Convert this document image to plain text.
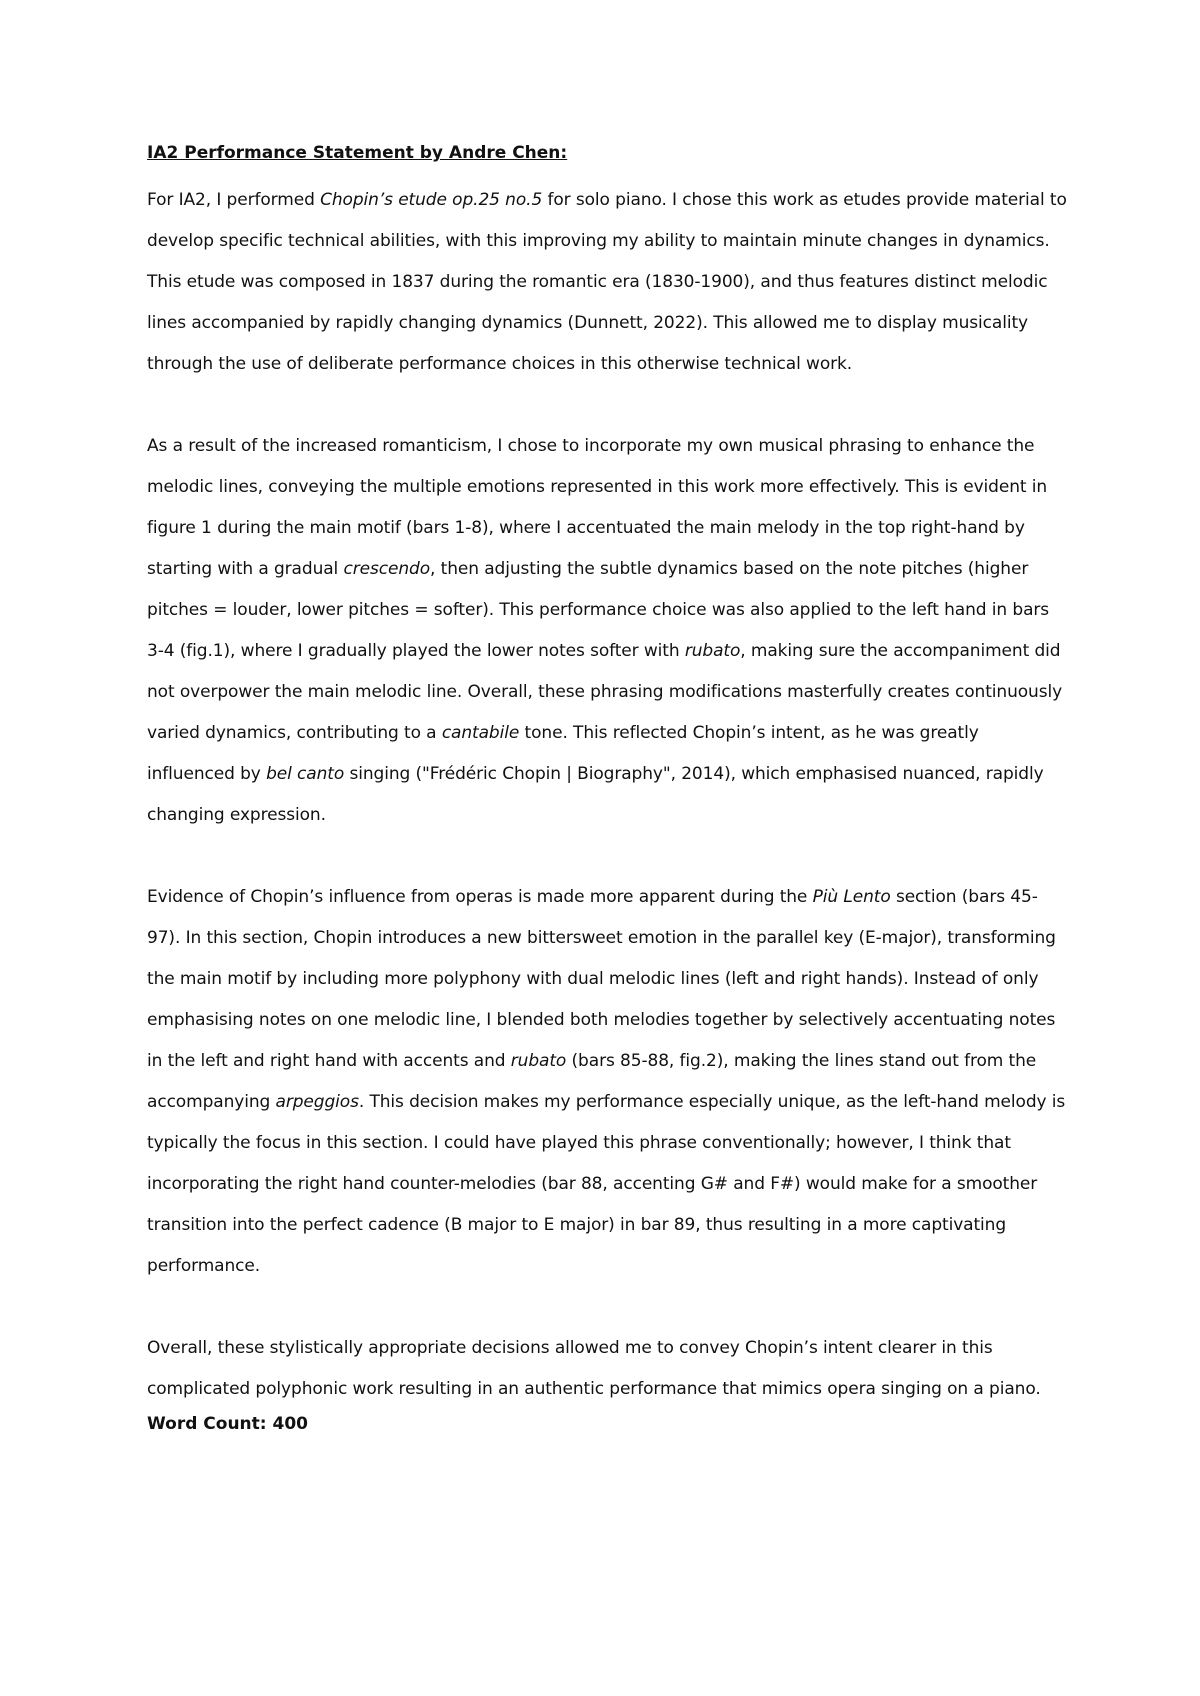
IA2 Performance Statement by Andre Chen:
For IA2, I performed Chopin’s etude op.25 no.5 for solo piano. I chose this work as etudes provide material to develop specific technical abilities, with this improving my ability to maintain minute changes in dynamics. This etude was composed in 1837 during the romantic era (1830-1900), and thus features distinct melodic lines accompanied by rapidly changing dynamics (Dunnett, 2022). This allowed me to display musicality through the use of deliberate performance choices in this otherwise technical work.
As a result of the increased romanticism, I chose to incorporate my own musical phrasing to enhance the melodic lines, conveying the multiple emotions represented in this work more effectively. This is evident in figure 1 during the main motif (bars 1-8), where I accentuated the main melody in the top right-hand by starting with a gradual crescendo, then adjusting the subtle dynamics based on the note pitches (higher pitches = louder, lower pitches = softer). This performance choice was also applied to the left hand in bars 3-4 (fig.1), where I gradually played the lower notes softer with rubato, making sure the accompaniment did not overpower the main melodic line. Overall, these phrasing modifications masterfully creates continuously varied dynamics, contributing to a cantabile tone. This reflected Chopin’s intent, as he was greatly influenced by bel canto singing ("Frédéric Chopin | Biography", 2014), which emphasised nuanced, rapidly changing expression.
Evidence of Chopin’s influence from operas is made more apparent during the Più Lento section (bars 45-97). In this section, Chopin introduces a new bittersweet emotion in the parallel key (E-major), transforming the main motif by including more polyphony with dual melodic lines (left and right hands). Instead of only emphasising notes on one melodic line, I blended both melodies together by selectively accentuating notes in the left and right hand with accents and rubato (bars 85-88, fig.2), making the lines stand out from the accompanying arpeggios. This decision makes my performance especially unique, as the left-hand melody is typically the focus in this section. I could have played this phrase conventionally; however, I think that incorporating the right hand counter-melodies (bar 88, accenting G# and F#) would make for a smoother transition into the perfect cadence (B major to E major) in bar 89, thus resulting in a more captivating performance.
Overall, these stylistically appropriate decisions allowed me to convey Chopin’s intent clearer in this complicated polyphonic work resulting in an authentic performance that mimics opera singing on a piano.
Word Count: 400
